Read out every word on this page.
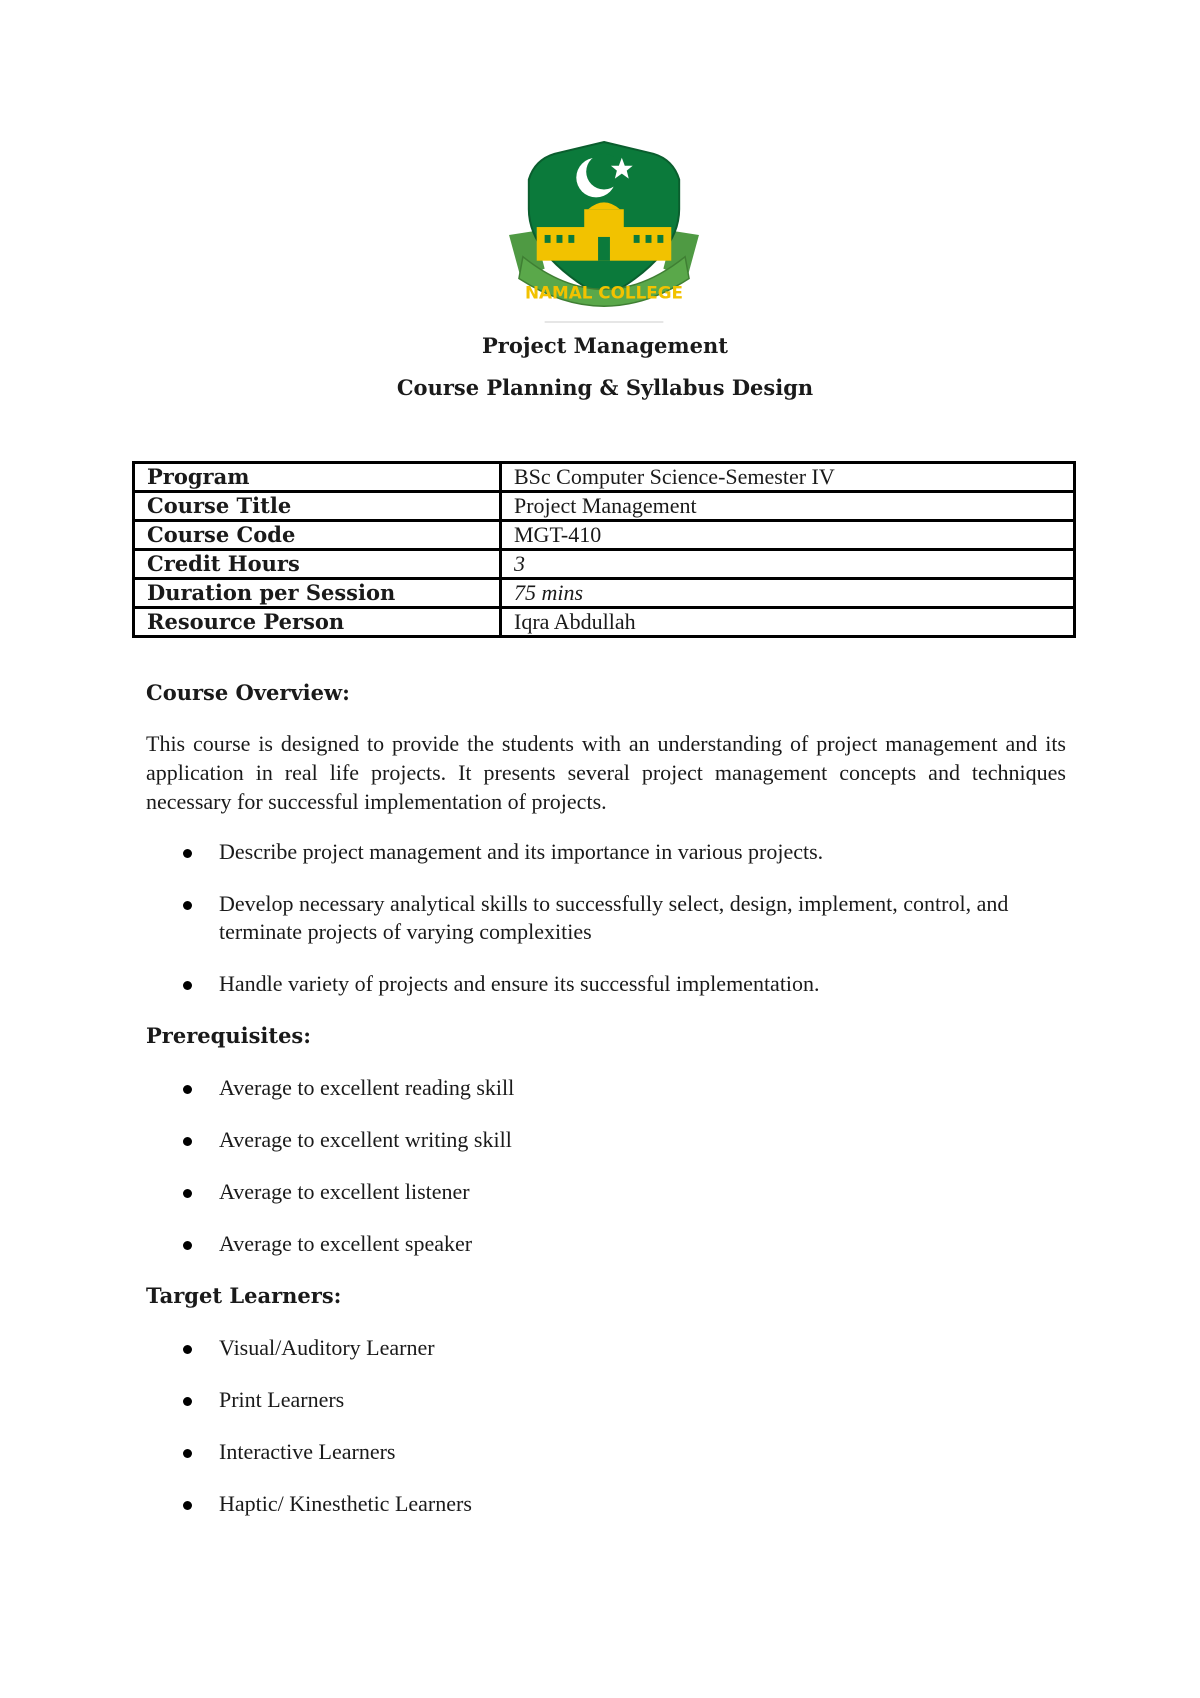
NAMAL COLLEGE
Project Management
Course Planning & Syllabus Design
Program	BSc Computer Science-Semester IV
Course Title	Project Management
Course Code	MGT-410
Credit Hours	3
Duration per Session	75 mins
Resource Person	Iqra Abdullah

Course Overview:

This course is designed to provide the students with an understanding of project management and its application in real life projects. It presents several project management concepts and techniques necessary for successful implementation of projects.

Describe project management and its importance in various projects.
Develop necessary analytical skills to successfully select, design, implement, control, and terminate projects of varying complexities
Handle variety of projects and ensure its successful implementation.

Prerequisites:

Average to excellent reading skill
Average to excellent writing skill
Average to excellent listener
Average to excellent speaker

Target Learners:

Visual/Auditory Learner
Print Learners
Interactive Learners
Haptic/ Kinesthetic Learners
